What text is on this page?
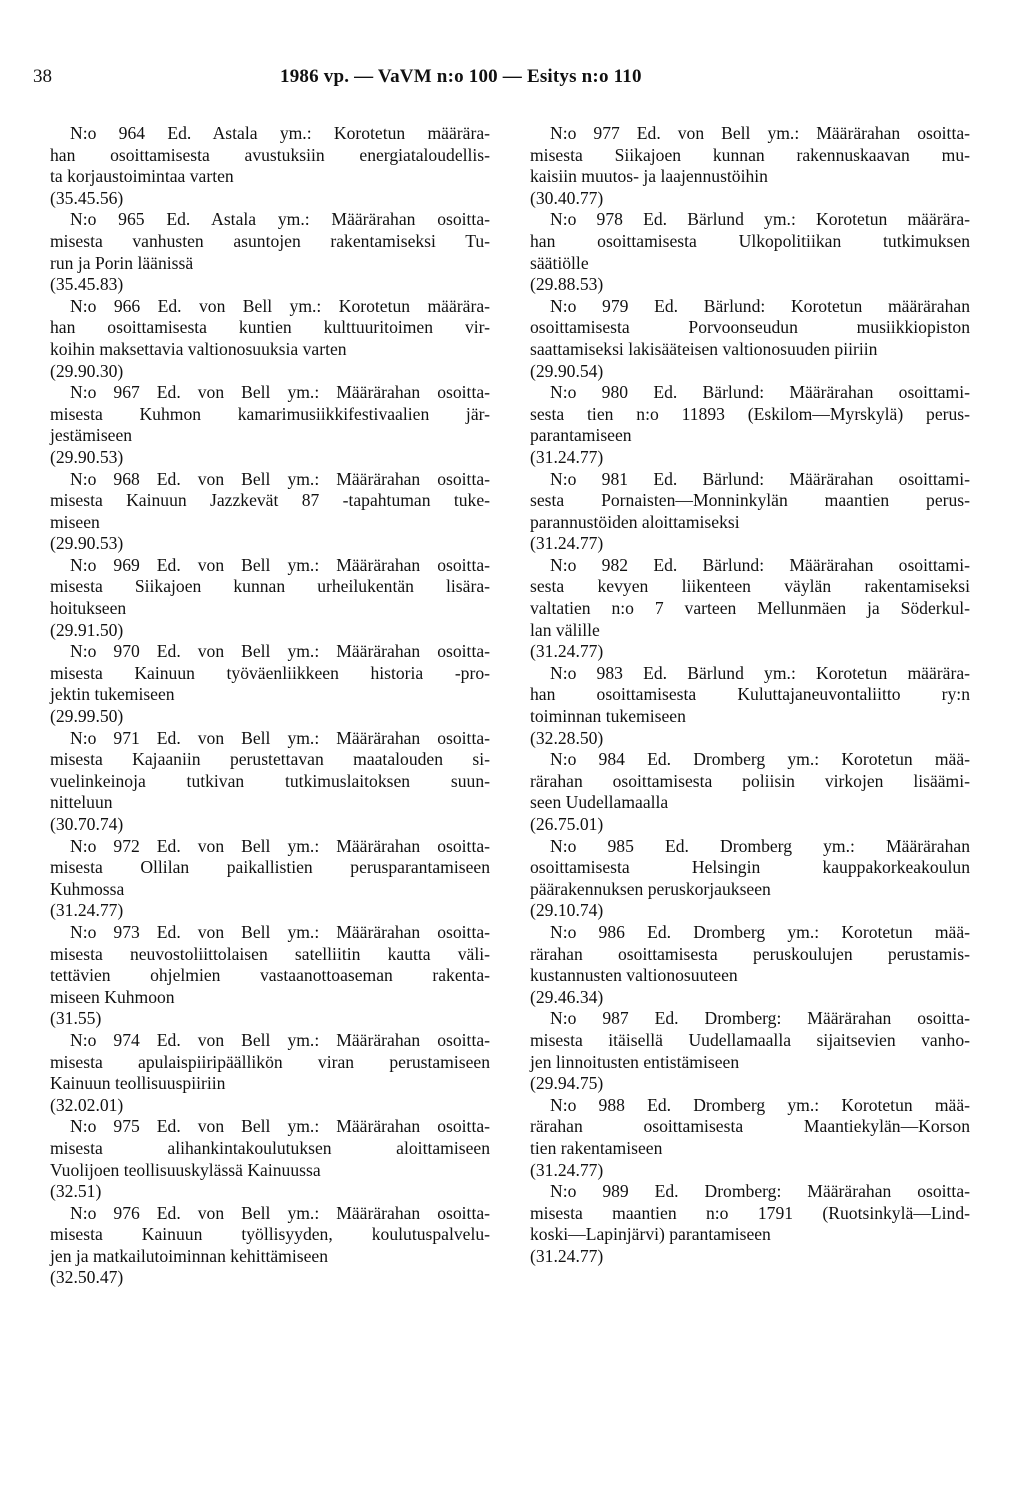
38	1986 vp. — VaVM n:o 100 — Esitys n:o 110
N:o 964 Ed. Astala ym.: Korotetun määrära-
han osoittamisesta avustuksiin energiataloudellis-
ta korjaustoimintaa varten
(35.45.56)
N:o 965 Ed. Astala ym.: Määrärahan osoitta-
misesta vanhusten asuntojen rakentamiseksi Tu-
run ja Porin läänissä
(35.45.83)
N:o 966 Ed. von Bell ym.: Korotetun määrära-
han osoittamisesta kuntien kulttuuritoimen vir-
koihin maksettavia valtionosuuksia varten
(29.90.30)
N:o 967 Ed. von Bell ym.: Määrärahan osoitta-
misesta Kuhmon kamarimusiikkifestivaalien jär-
jestämiseen
(29.90.53)
N:o 968 Ed. von Bell ym.: Määrärahan osoitta-
misesta Kainuun Jazzkevät 87 -tapahtuman tuke-
miseen
(29.90.53)
N:o 969 Ed. von Bell ym.: Määrärahan osoitta-
misesta Siikajoen kunnan urheilukentän lisära-
hoitukseen
(29.91.50)
N:o 970 Ed. von Bell ym.: Määrärahan osoitta-
misesta Kainuun työväenliikkeen historia -pro-
jektin tukemiseen
(29.99.50)
N:o 971 Ed. von Bell ym.: Määrärahan osoitta-
misesta Kajaaniin perustettavan maatalouden si-
vuelinkeinoja tutkivan tutkimuslaitoksen suun-
nitteluun
(30.70.74)
N:o 972 Ed. von Bell ym.: Määrärahan osoitta-
misesta Ollilan paikallistien perusparantamiseen
Kuhmossa
(31.24.77)
N:o 973 Ed. von Bell ym.: Määrärahan osoitta-
misesta neuvostoliittolaisen satelliitin kautta väli-
tettävien ohjelmien vastaanottoaseman rakenta-
miseen Kuhmoon
(31.55)
N:o 974 Ed. von Bell ym.: Määrärahan osoitta-
misesta apulaispiiripäällikön viran perustamiseen
Kainuun teollisuuspiiriin
(32.02.01)
N:o 975 Ed. von Bell ym.: Määrärahan osoitta-
misesta alihankintakoulutuksen aloittamiseen
Vuolijoen teollisuuskylässä Kainuussa
(32.51)
N:o 976 Ed. von Bell ym.: Määrärahan osoitta-
misesta Kainuun työllisyyden, koulutuspalvelu-
jen ja matkailutoiminnan kehittämiseen
(32.50.47)
N:o 977 Ed. von Bell ym.: Määrärahan osoitta-
misesta Siikajoen kunnan rakennuskaavan mu-
kaisiin muutos- ja laajennustöihin
(30.40.77)
N:o 978 Ed. Bärlund ym.: Korotetun määrära-
han osoittamisesta Ulkopolitiikan tutkimuksen
säätiölle
(29.88.53)
N:o 979 Ed. Bärlund: Korotetun määrärahan
osoittamisesta Porvoonseudun musiikkiopiston
saattamiseksi lakisääteisen valtionosuuden piiriin
(29.90.54)
N:o 980 Ed. Bärlund: Määrärahan osoittami-
sesta tien n:o 11893 (Eskilom—Myrskylä) perus-
parantamiseen
(31.24.77)
N:o 981 Ed. Bärlund: Määrärahan osoittami-
sesta Pornaisten—Monninkylän maantien perus-
parannustöiden aloittamiseksi
(31.24.77)
N:o 982 Ed. Bärlund: Määrärahan osoittami-
sesta kevyen liikenteen väylän rakentamiseksi
valtatien n:o 7 varteen Mellunmäen ja Söderkul-
lan välille
(31.24.77)
N:o 983 Ed. Bärlund ym.: Korotetun määrära-
han osoittamisesta Kuluttajaneuvontaliitto ry:n
toiminnan tukemiseen
(32.28.50)
N:o 984 Ed. Dromberg ym.: Korotetun mää-
rärahan osoittamisesta poliisin virkojen lisäämi-
seen Uudellamaalla
(26.75.01)
N:o 985 Ed. Dromberg ym.: Määrärahan
osoittamisesta Helsingin kauppakorkeakoulun
päärakennuksen peruskorjaukseen
(29.10.74)
N:o 986 Ed. Dromberg ym.: Korotetun mää-
rärahan osoittamisesta peruskoulujen perustamis-
kustannusten valtionosuuteen
(29.46.34)
N:o 987 Ed. Dromberg: Määrärahan osoitta-
misesta itäisellä Uudellamaalla sijaitsevien vanho-
jen linnoitusten entistämiseen
(29.94.75)
N:o 988 Ed. Dromberg ym.: Korotetun mää-
rärahan osoittamisesta Maantiekylän—Korson
tien rakentamiseen
(31.24.77)
N:o 989 Ed. Dromberg: Määrärahan osoitta-
misesta maantien n:o 1791 (Ruotsinkylä—Lind-
koski—Lapinjärvi) parantamiseen
(31.24.77)
